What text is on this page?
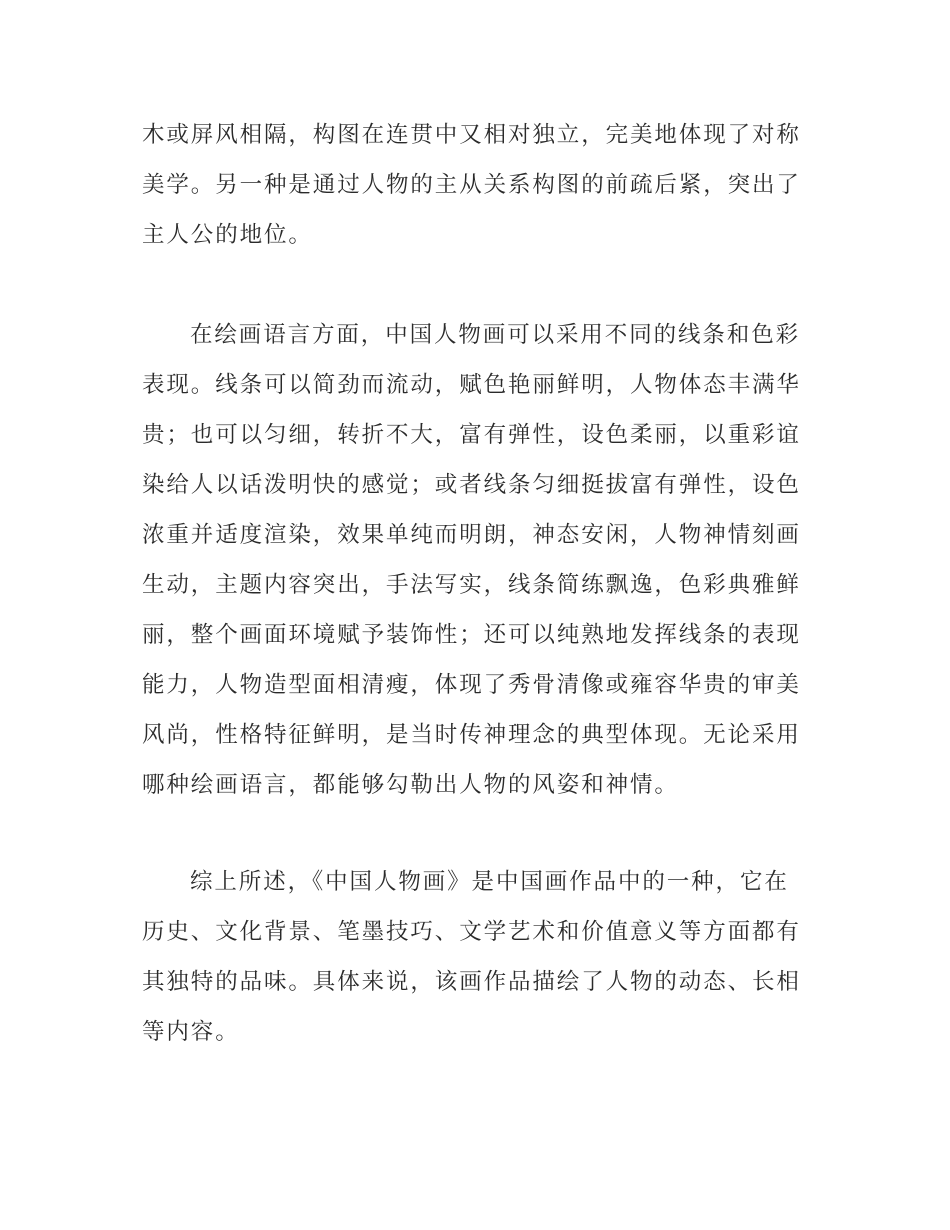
木或屏风相隔，构图在连贯中又相对独立，完美地体现了对称
美学。另一种是通过人物的主从关系构图的前疏后紧，突出了
主人公的地位。
在绘画语言方面，中国人物画可以采用不同的线条和色彩
表现。线条可以简劲而流动，赋色艳丽鲜明，人物体态丰满华
贵；也可以匀细，转折不大，富有弹性，设色柔丽，以重彩谊
染给人以话泼明快的感觉；或者线条匀细挺拔富有弹性，设色
浓重并适度渲染，效果单纯而明朗，神态安闲，人物神情刻画
生动，主题内容突出，手法写实，线条简练飘逸，色彩典雅鲜
丽，整个画面环境赋予装饰性；还可以纯熟地发挥线条的表现
能力，人物造型面相清瘦，体现了秀骨清像或雍容华贵的审美
风尚，性格特征鲜明，是当时传神理念的典型体现。无论采用
哪种绘画语言，都能够勾勒出人物的风姿和神情。
综上所述，《中国人物画》是中国画作品中的一种，它在
历史、文化背景、笔墨技巧、文学艺术和价值意义等方面都有
其独特的品味。具体来说，该画作品描绘了人物的动态、长相
等内容。
